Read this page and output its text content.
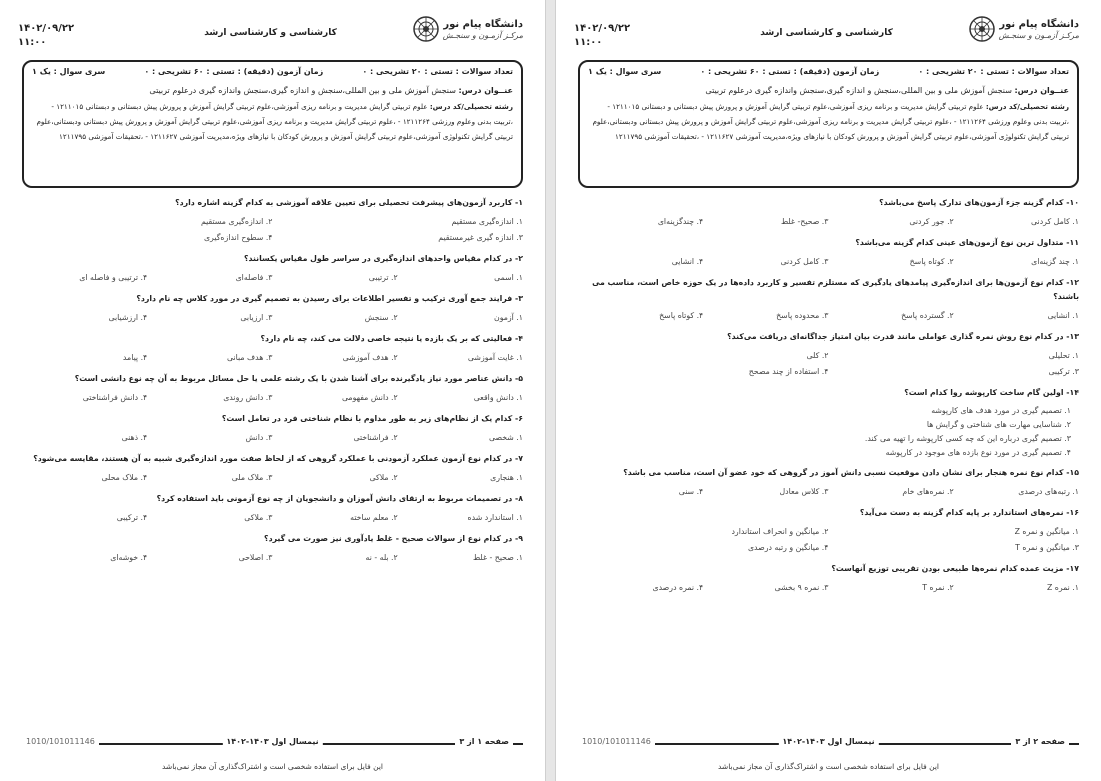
دانشگاه پیام نور
مرکـز آزمـون و سنجـش
کارشناسی و کارشناسی ارشد
۱۴۰۲/۰۹/۲۲
۱۱:۰۰
تعداد سوالات : تستی : ۲۰ تشریحی : ۰
زمان آزمون (دقیقه) : تستی : ۶۰ تشریحی : ۰
سری سوال : یک ۱
عنــوان درس: سنجش آموزش ملی و بین المللی،سنجش و اندازه گیری،سنجش واندازه گیری درعلوم تربیتی
رشته تحصیلی/کد درس: علوم تربیتی گرایش مدیریت و برنامه ریزی آموزشی،علوم تربیتی گرایش آموزش و پرورش پیش دبستانی و دبستانی ۱۲۱۱۰۱۵ - ،تربیت بدنی وعلوم ورزشی ۱۲۱۱۲۶۴ - ،علوم تربیتی گرایش مدیریت و برنامه ریزی آموزشی،علوم تربیتی گرایش آموزش و پرورش پیش دبستانی ودبستانی،علوم تربیتی گرایش تکنولوژی آموزشی،علوم تربیتی گرایش آموزش و پرورش کودکان با نیازهای ویژه،مدیریت آموزشی ۱۲۱۱۶۲۷ - ،تحقیقات آموزشی ۱۲۱۱۷۹۵
۱- کاربرد آزمون‌های پیشرفت تحصیلی برای تعیین علاقه آموزشی به کدام گزینه اشاره دارد؟
۱. اندازه‌گیری مستقیم
۲. اندازه‌گیری مستقیم
۳. اندازه گیری غیرمستقیم
۴. سطوح اندازه‌گیری
۲- در کدام مقیاس واحدهای اندازه‌گیری در سراسر طول مقیاس یکسانند؟
۱. اسمی
۲. ترتیبی
۳. فاصله‌ای
۴. ترتیبی و فاصله ای
۳- فرایند جمع آوری ترکیب و تفسیر اطلاعات برای رسیدن به تصمیم گیری در مورد کلاس چه نام دارد؟
۱. آزمون
۲. سنجش
۳. ارزیابی
۴. ارزشیابی
۴- فعالیتی که بر یک بازده یا نتیجه خاصی دلالت می کند، چه نام دارد؟
۱. غایت آموزشی
۲. هدف آموزشی
۳. هدف مبانی
۴. پیامد
۵- دانش عناصر مورد نیاز یادگیرنده برای آشنا شدن با یک رشته علمی یا حل مسائل مربوط به آن چه نوع دانشی است؟
۱. دانش واقعی
۲. دانش مفهومی
۳. دانش روندی
۴. دانش فراشناختی
۶- کدام یک از نظام‌های زیر به طور مداوم با نظام شناختی فرد در تعامل است؟
۱. شخصی
۲. فراشناختی
۳. دانش
۴. ذهنی
۷- در کدام نوع آزمون عملکرد آزمودنی با عملکرد گروهی که از لحاظ صفت مورد اندازه‌گیری شبیه به آن هستند، مقایسه می‌شود؟
۱. هنجاری
۲. ملاکی
۳. ملاک ملی
۴. ملاک محلی
۸- در تصمیمات مربوط به ارتقای دانش آموزان و دانشجویان از چه نوع آزمونی باید استفاده کرد؟
۱. استاندارد شده
۲. معلم ساخته
۳. ملاکی
۴. ترکیبی
۹- در کدام نوع از سوالات صحیح - غلط یادآوری نیز صورت می گیرد؟
۱. صحیح - غلط
۲. بله - نه
۳. اصلاحی
۴. خوشه‌ای
صفحه ۱ از ۳
نیمسال اول ۱۴۰۳-۱۴۰۲
1010/101011146
این فایل برای استفاده شخصی است و اشتراک‌گذاری آن مجاز نمی‌باشد
دانشگاه پیام نور
مرکـز آزمـون و سنجـش
کارشناسی و کارشناسی ارشد
۱۴۰۲/۰۹/۲۲
۱۱:۰۰
تعداد سوالات : تستی : ۲۰ تشریحی : ۰
زمان آزمون (دقیقه) : تستی : ۶۰ تشریحی : ۰
سری سوال : یک ۱
عنــوان درس: سنجش آموزش ملی و بین المللی،سنجش و اندازه گیری،سنجش واندازه گیری درعلوم تربیتی
رشته تحصیلی/کد درس: علوم تربیتی گرایش مدیریت و برنامه ریزی آموزشی،علوم تربیتی گرایش آموزش و پرورش پیش دبستانی و دبستانی ۱۲۱۱۰۱۵ - ،تربیت بدنی وعلوم ورزشی ۱۲۱۱۲۶۴ - ،علوم تربیتی گرایش مدیریت و برنامه ریزی آموزشی،علوم تربیتی گرایش آموزش و پرورش پیش دبستانی ودبستانی،علوم تربیتی گرایش تکنولوژی آموزشی،علوم تربیتی گرایش آموزش و پرورش کودکان با نیازهای ویژه،مدیریت آموزشی ۱۲۱۱۶۲۷ - ،تحقیقات آموزشی ۱۲۱۱۷۹۵
۱۰- کدام گزینه جزء آزمون‌های تدارک پاسخ می‌باشد؟
۱. کامل کردنی
۲. جور کردنی
۳. صحیح- غلط
۴. چندگزینه‌ای
۱۱- متداول ترین نوع آزمون‌های عینی کدام گزینه می‌باشد؟
۱. چند گزینه‌ای
۲. کوتاه پاسخ
۳. کامل کردنی
۴. انشایی
۱۲- کدام نوع آزمون‌ها برای اندازه‌گیری پیامدهای یادگیری که مستلزم تفسیر و کاربرد داده‌ها در یک حوزه خاص است، مناسب می باشند؟
۱. انشایی
۲. گسترده پاسخ
۳. محدوده پاسخ
۴. کوتاه پاسخ
۱۳- در کدام نوع روش نمره گذاری عواملی مانند قدرت بیان امتیاز جداگانه‌ای دریافت می‌کند؟
۱. تحلیلی
۲. کلی
۳. ترکیبی
۴. استفاده از چند مصحح
۱۴- اولین گام ساخت کارپوشه روا کدام است؟
۱. تصمیم گیری در مورد هدف های کارپوشه
۲. شناسایی مهارت های شناختی و گرایش ها
۳. تصمیم گیری درباره این که چه کسی کارپوشه را تهیه می کند.
۴. تصمیم گیری در مورد نوع بازده های موجود در کارپوشه
۱۵- کدام نوع نمره هنجار برای نشان دادن موقعیت نسبی دانش آموز در گروهی که خود عضو آن است، مناسب می باشد؟
۱. رتبه‌های درصدی
۲. نمره‌های خام
۳. کلاس معادل
۴. سنی
۱۶- نمره‌های استاندارد بر پایه کدام گزینه به دست می‌آید؟
۱. میانگین و نمره Z
۲. میانگین و انحراف استاندارد
۳. میانگین و نمره T
۴. میانگین و رتبه درصدی
۱۷- مزیت عمده کدام نمره‌ها طبیعی بودن تقریبی توزیع آنهاست؟
۱. نمره Z
۲. نمره T
۳. نمره ۹ بخشی
۴. نمره درصدی
صفحه ۲ از ۳
نیمسال اول ۱۴۰۳-۱۴۰۲
1010/101011146
این فایل برای استفاده شخصی است و اشتراک‌گذاری آن مجاز نمی‌باشد
